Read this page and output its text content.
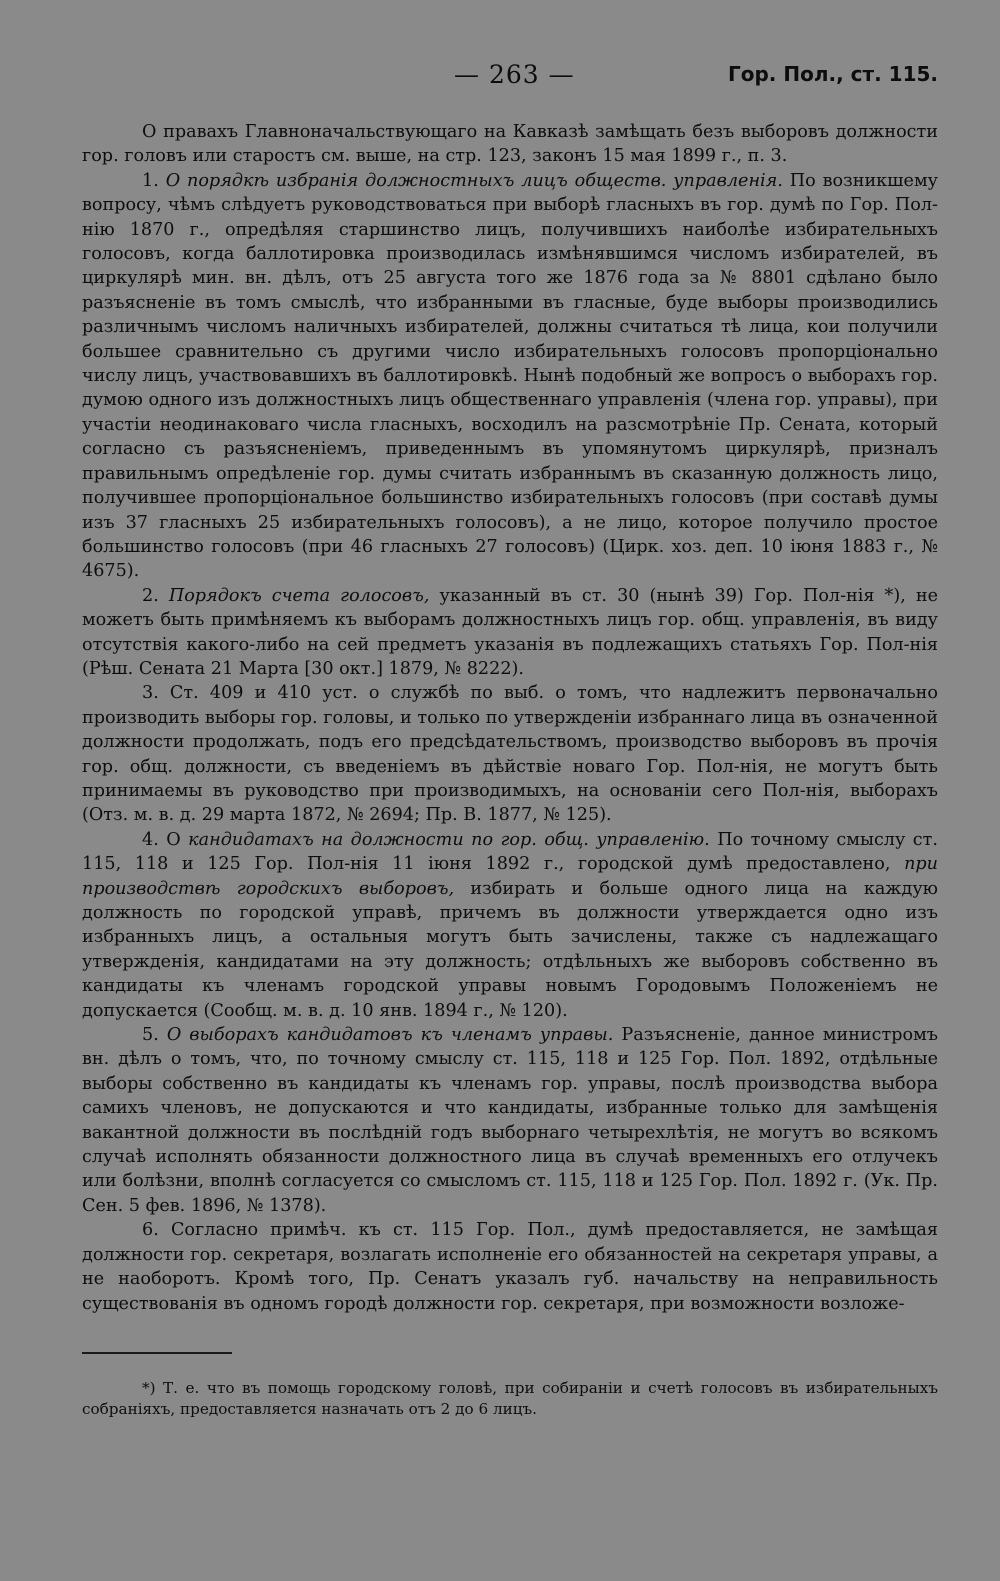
— 263 —	Гор. Пол., ст. 115.

О правахъ Главноначальствующаго на Кавказѣ замѣщать безъ выборовъ должности гор. головъ или старостъ см. выше, на стр. 123, законъ 15 мая 1899 г., п. 3.

1. О порядкѣ избранія должностныхъ лицъ обществ. управленія. По возникшему вопросу, чѣмъ слѣдуетъ руководствоваться при выборѣ гласныхъ въ гор. думѣ по Гор. Пол-нію 1870 г., опредѣляя старшинство лицъ, получившихъ наиболѣе избирательныхъ голосовъ, когда баллотировка производилась измѣнявшимся числомъ избирателей, въ циркулярѣ мин. вн. дѣлъ, отъ 25 августа того же 1876 года за № 8801 сдѣлано было разъясненіе въ томъ смыслѣ, что избранными въ гласные, буде выборы производились различнымъ числомъ наличныхъ избирателей, должны считаться тѣ лица, кои получили большее сравнительно съ другими число избирательныхъ голосовъ пропорціонально числу лицъ, участвовавшихъ въ баллотировкѣ. Нынѣ подобный же вопросъ о выборахъ гор. думою одного изъ должностныхъ лицъ общественнаго управленія (члена гор. управы), при участіи неодинаковаго числа гласныхъ, восходилъ на разсмотрѣніе Пр. Сената, который согласно съ разъясненіемъ, приведеннымъ въ упомянутомъ циркулярѣ, призналъ правильнымъ опредѣленіе гор. думы считать избраннымъ въ сказанную должность лицо, получившее пропорціональное большинство избирательныхъ голосовъ (при составѣ думы изъ 37 гласныхъ 25 избирательныхъ голосовъ), а не лицо, которое получило простое большинство голосовъ (при 46 гласныхъ 27 голосовъ) (Цирк. хоз. деп. 10 іюня 1883 г., № 4675).

2. Порядокъ счета голосовъ, указанный въ ст. 30 (нынѣ 39) Гор. Пол-нія *), не можетъ быть примѣняемъ къ выборамъ должностныхъ лицъ гор. общ. управленія, въ виду отсутствія какого-либо на сей предметъ указанія въ подлежащихъ статьяхъ Гор. Пол-нія (Рѣш. Сената 21 Марта [30 окт.] 1879, № 8222).

3. Ст. 409 и 410 уст. о службѣ по выб. о томъ, что надлежитъ первоначально производить выборы гор. головы, и только по утвержденіи избраннаго лица въ означенной должности продолжать, подъ его предсѣдательствомъ, производство выборовъ въ прочія гор. общ. должности, съ введеніемъ въ дѣйствіе новаго Гор. Пол-нія, не могутъ быть принимаемы въ руководство при производимыхъ, на основаніи сего Пол-нія, выборахъ (Отз. м. в. д. 29 марта 1872, № 2694; Пр. В. 1877, № 125).

4. О кандидатахъ на должности по гор. общ. управленію. По точному смыслу ст. 115, 118 и 125 Гор. Пол-нія 11 іюня 1892 г., городской думѣ предоставлено, при производствѣ городскихъ выборовъ, избирать и больше одного лица на каждую должность по городской управѣ, причемъ въ должности утверждается одно изъ избранныхъ лицъ, а остальныя могутъ быть зачислены, также съ надлежащаго утвержденія, кандидатами на эту должность; отдѣльныхъ же выборовъ собственно въ кандидаты къ членамъ городской управы новымъ Городовымъ Положеніемъ не допускается (Сообщ. м. в. д. 10 янв. 1894 г., № 120).

5. О выборахъ кандидатовъ къ членамъ управы. Разъясненіе, данное министромъ вн. дѣлъ о томъ, что, по точному смыслу ст. 115, 118 и 125 Гор. Пол. 1892, отдѣльные выборы собственно въ кандидаты къ членамъ гор. управы, послѣ производства выбора самихъ членовъ, не допускаются и что кандидаты, избранные только для замѣщенія вакантной должности въ послѣдній годъ выборнаго четырехлѣтія, не могутъ во всякомъ случаѣ исполнять обязанности должностного лица въ случаѣ временныхъ его отлучекъ или болѣзни, вполнѣ согласуется со смысломъ ст. 115, 118 и 125 Гор. Пол. 1892 г. (Ук. Пр. Сен. 5 фев. 1896, № 1378).

6. Согласно примѣч. къ ст. 115 Гор. Пол., думѣ предоставляется, не замѣщая должности гор. секретаря, возлагать исполненіе его обязанностей на секретаря управы, а не наоборотъ. Кромѣ того, Пр. Сенатъ указалъ губ. начальству на неправильность существованія въ одномъ городѣ должности гор. секретаря, при возможности возложе-

*) Т. е. что въ помощь городскому головѣ, при собираніи и счетѣ голосовъ въ избирательныхъ собраніяхъ, предоставляется назначать отъ 2 до 6 лицъ.
